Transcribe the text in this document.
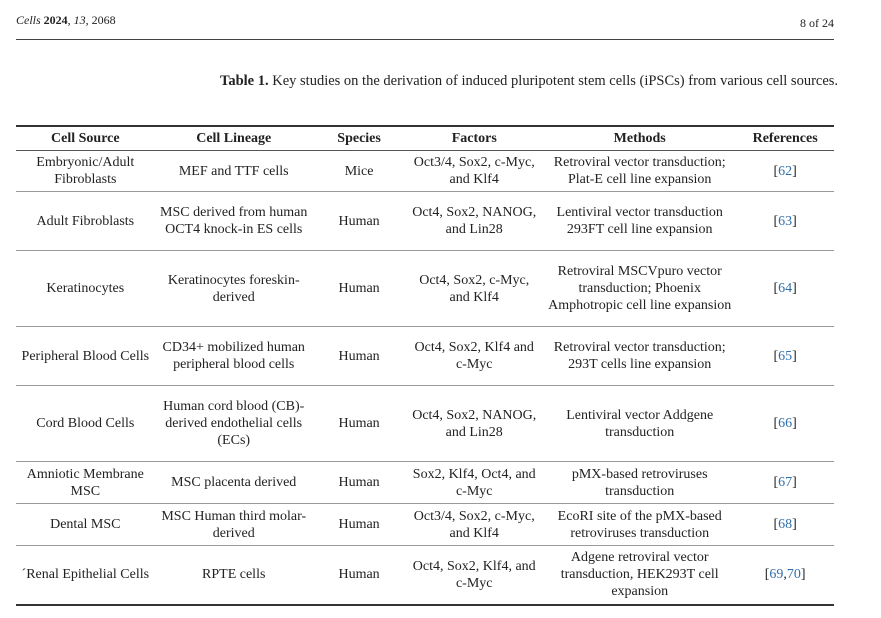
Cells 2024, 13, 2068	8 of 24
Table 1. Key studies on the derivation of induced pluripotent stem cells (iPSCs) from various cell sources.
Cell Source	Cell Lineage	Species	Factors	Methods	References
Embryonic/Adult Fibroblasts	MEF and TTF cells	Mice	Oct3/4, Sox2, c-Myc, and Klf4	Retroviral vector transduction; Plat-E cell line expansion	[62]
Adult Fibroblasts	MSC derived from human OCT4 knock-in ES cells	Human	Oct4, Sox2, NANOG, and Lin28	Lentiviral vector transduction 293FT cell line expansion	[63]
Keratinocytes	Keratinocytes foreskin-derived	Human	Oct4, Sox2, c-Myc, and Klf4	Retroviral MSCVpuro vector transduction; Phoenix Amphotropic cell line expansion	[64]
Peripheral Blood Cells	CD34+ mobilized human peripheral blood cells	Human	Oct4, Sox2, Klf4 and c-Myc	Retroviral vector transduction; 293T cells line expansion	[65]
Cord Blood Cells	Human cord blood (CB)-derived endothelial cells (ECs)	Human	Oct4, Sox2, NANOG, and Lin28	Lentiviral vector Addgene transduction	[66]
Amniotic Membrane MSC	MSC placenta derived	Human	Sox2, Klf4, Oct4, and c-Myc	pMX-based retroviruses transduction	[67]
Dental MSC	MSC Human third molar-derived	Human	Oct3/4, Sox2, c-Myc, and Klf4	EcoRI site of the pMX-based retroviruses transduction	[68]
´Renal Epithelial Cells	RPTE cells	Human	Oct4, Sox2, Klf4, and c-Myc	Adgene retroviral vector transduction, HEK293T cell expansion	[69,70]
